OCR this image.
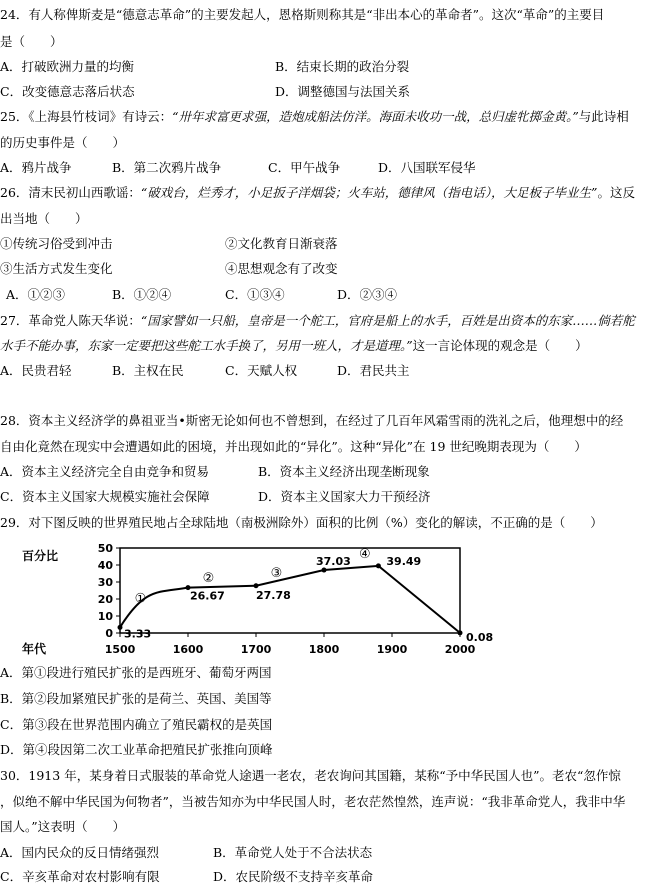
24．有人称俾斯麦是“德意志革命”的主要发起人，恩格斯则称其是“非出本心的革命者”。这次“革命”的主要目
是（　　）
A．打破欧洲力量的均衡	B．结束长期的政治分裂
C．改变德意志落后状态	D．调整德国与法国关系
25．《上海县竹枝词》有诗云：“卅年求富更求强，造炮成船法仿洋。海面未收功一战，总归虚牝掷金黄。”与此诗相
的历史事件是（　　）
A．鸦片战争	B．第二次鸦片战争	C．甲午战争	D．八国联军侵华
26．清末民初山西歌谣：“破戏台，烂秀才，小足扳子洋烟袋；火车站，德律风（指电话），大足板子毕业生”。这反
出当地（　　）
①传统习俗受到冲击	②文化教育日渐衰落
③生活方式发生变化	④思想观念有了改变
A．①②③	B．①②④	C．①③④	D．②③④
27．革命党人陈天华说：“国家譬如一只船，皇帝是一个舵工，官府是船上的水手，百姓是出资本的东家……倘若舵
水手不能办事，东家一定要把这些舵工水手换了，另用一班人，才是道理。”这一言论体现的观念是（　　）
A．民贵君轻	B．主权在民	C．天赋人权	D．君民共主
28．资本主义经济学的鼻祖亚当•斯密无论如何也不曾想到，在经过了几百年风霜雪雨的洗礼之后，他理想中的经
自由化竟然在现实中会遭遇如此的困境，并出现如此的“异化”。这种“异化”在 19 世纪晚期表现为（　　）
A．资本主义经济完全自由竞争和贸易	B．资本主义经济出现垄断现象
C．资本主义国家大规模实施社会保障	D．资本主义国家大力干预经济
29．对下图反映的世界殖民地占全球陆地（南极洲除外）面积的比例（%）变化的解读，不正确的是（　　）
百分比
年代
0
10
20
30
40
50
1500	1600	1700	1800	1900	2000
3.33
26.67	27.78
37.03	39.49
0.08
①
②	③
④
A．第①段进行殖民扩张的是西班牙、葡萄牙两国
B．第②段加紧殖民扩张的是荷兰、英国、美国等
C．第③段在世界范围内确立了殖民霸权的是英国
D．第④段因第二次工业革命把殖民扩张推向顶峰
30．1913 年，某身着日式服装的革命党人途遇一老农，老农询问其国籍，某称“予中华民国人也”。老农“忽作惊
，似绝不解中华民国为何物者”，当被告知亦为中华民国人时，老农茫然惶然，连声说：“我非革命党人，我非中华
国人。”这表明（　　）
A．国内民众的反日情绪强烈	B．革命党人处于不合法状态
C．辛亥革命对农村影响有限	D．农民阶级不支持辛亥革命
